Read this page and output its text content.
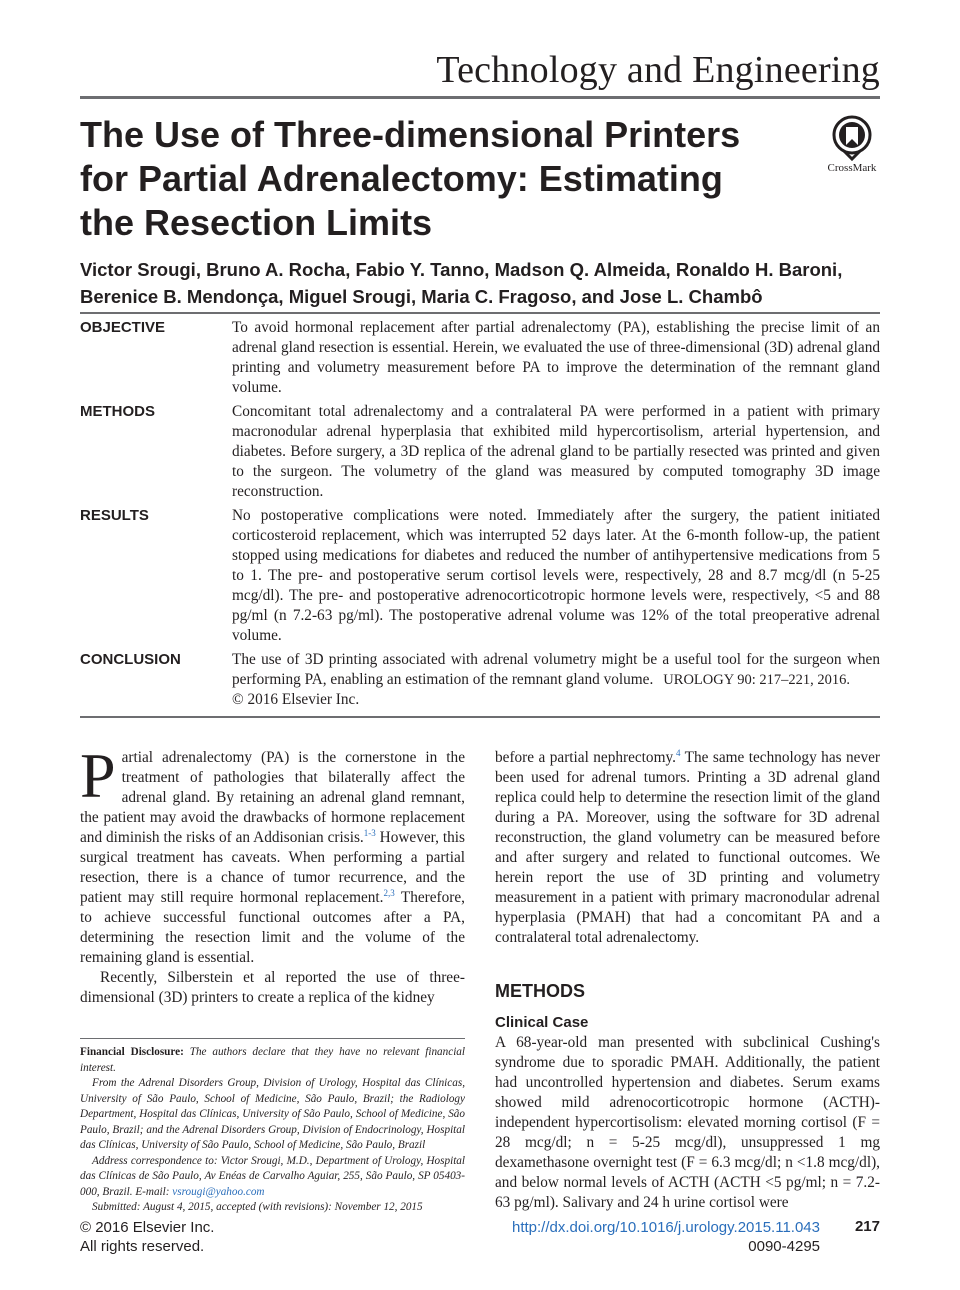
Technology and Engineering
The Use of Three-dimensional Printers for Partial Adrenalectomy: Estimating the Resection Limits
CrossMark
Victor Srougi, Bruno A. Rocha, Fabio Y. Tanno, Madson Q. Almeida, Ronaldo H. Baroni, Berenice B. Mendonça, Miguel Srougi, Maria C. Fragoso, and Jose L. Chambô
OBJECTIVE	To avoid hormonal replacement after partial adrenalectomy (PA), establishing the precise limit of an adrenal gland resection is essential. Herein, we evaluated the use of three-dimensional (3D) adrenal gland printing and volumetry measurement before PA to improve the determination of the remnant gland volume.
METHODS	Concomitant total adrenalectomy and a contralateral PA were performed in a patient with primary macronodular adrenal hyperplasia that exhibited mild hypercortisolism, arterial hypertension, and diabetes. Before surgery, a 3D replica of the adrenal gland to be partially resected was printed and given to the surgeon. The volumetry of the gland was measured by computed tomography 3D image reconstruction.
RESULTS	No postoperative complications were noted. Immediately after the surgery, the patient initiated corticosteroid replacement, which was interrupted 52 days later. At the 6-month follow-up, the patient stopped using medications for diabetes and reduced the number of antihypertensive medications from 5 to 1. The pre- and postoperative serum cortisol levels were, respectively, 28 and 8.7 mcg/dl (n 5-25 mcg/dl). The pre- and postoperative adrenocorticotropic hormone levels were, respectively, <5 and 88 pg/ml (n 7.2-63 pg/ml). The postoperative adrenal volume was 12% of the total preoperative adrenal volume.
CONCLUSION	The use of 3D printing associated with adrenal volumetry might be a useful tool for the surgeon when performing PA, enabling an estimation of the remnant gland volume. UROLOGY 90: 217–221, 2016.
© 2016 Elsevier Inc.

Partial adrenalectomy (PA) is the cornerstone in the treatment of pathologies that bilaterally affect the adrenal gland. By retaining an adrenal gland remnant, the patient may avoid the drawbacks of hormone replacement and diminish the risks of an Addisonian crisis.$^{1-3}$ However, this surgical treatment has caveats. When performing a partial resection, there is a chance of tumor recurrence, and the patient may still require hormonal replacement.$^{2,3}$ Therefore, to achieve successful functional outcomes after a PA, determining the resection limit and the volume of the remaining gland is essential.

Recently, Silberstein et al reported the use of three-dimensional (3D) printers to create a replica of the kidney

before a partial nephrectomy.$^4$ The same technology has never been used for adrenal tumors. Printing a 3D adrenal gland replica could help to determine the resection limit of the gland during a PA. Moreover, using the software for 3D adrenal reconstruction, the gland volumetry can be measured before and after surgery and related to functional outcomes. We herein report the use of 3D printing and volumetry measurement in a patient with primary macronodular adrenal hyperplasia (PMAH) that had a concomitant PA and a contralateral total adrenalectomy.

METHODS
Clinical Case

A 68-year-old man presented with subclinical Cushing's syndrome due to sporadic PMAH. Additionally, the patient had uncontrolled hypertension and diabetes. Serum exams showed mild adrenocorticotropic hormone (ACTH)-independent hypercortisolism: elevated morning cortisol (F = 28 mcg/dl; n = 5-25 mcg/dl), unsuppressed 1 mg dexamethasone overnight test (F = 6.3 mcg/dl; n <1.8 mcg/dl), and below normal levels of ACTH (ACTH <5 pg/ml; n = 7.2-63 pg/ml). Salivary and 24 h urine cortisol were

Financial Disclosure: The authors declare that they have no relevant financial interest.

From the Adrenal Disorders Group, Division of Urology, Hospital das Clínicas, University of São Paulo, School of Medicine, São Paulo, Brazil; the Radiology Department, Hospital das Clínicas, University of São Paulo, School of Medicine, São Paulo, Brazil; and the Adrenal Disorders Group, Division of Endocrinology, Hospital das Clínicas, University of São Paulo, School of Medicine, São Paulo, Brazil

Address correspondence to: Victor Srougi, M.D., Department of Urology, Hospital das Clínicas de São Paulo, Av Enéas de Carvalho Aguiar, 255, São Paulo, SP 05403-000, Brazil. E-mail: vsrougi@yahoo.com

Submitted: August 4, 2015, accepted (with revisions): November 12, 2015

© 2016 Elsevier Inc.
All rights reserved.
http://dx.doi.org/10.1016/j.urology.2015.11.043
0090-4295
217
